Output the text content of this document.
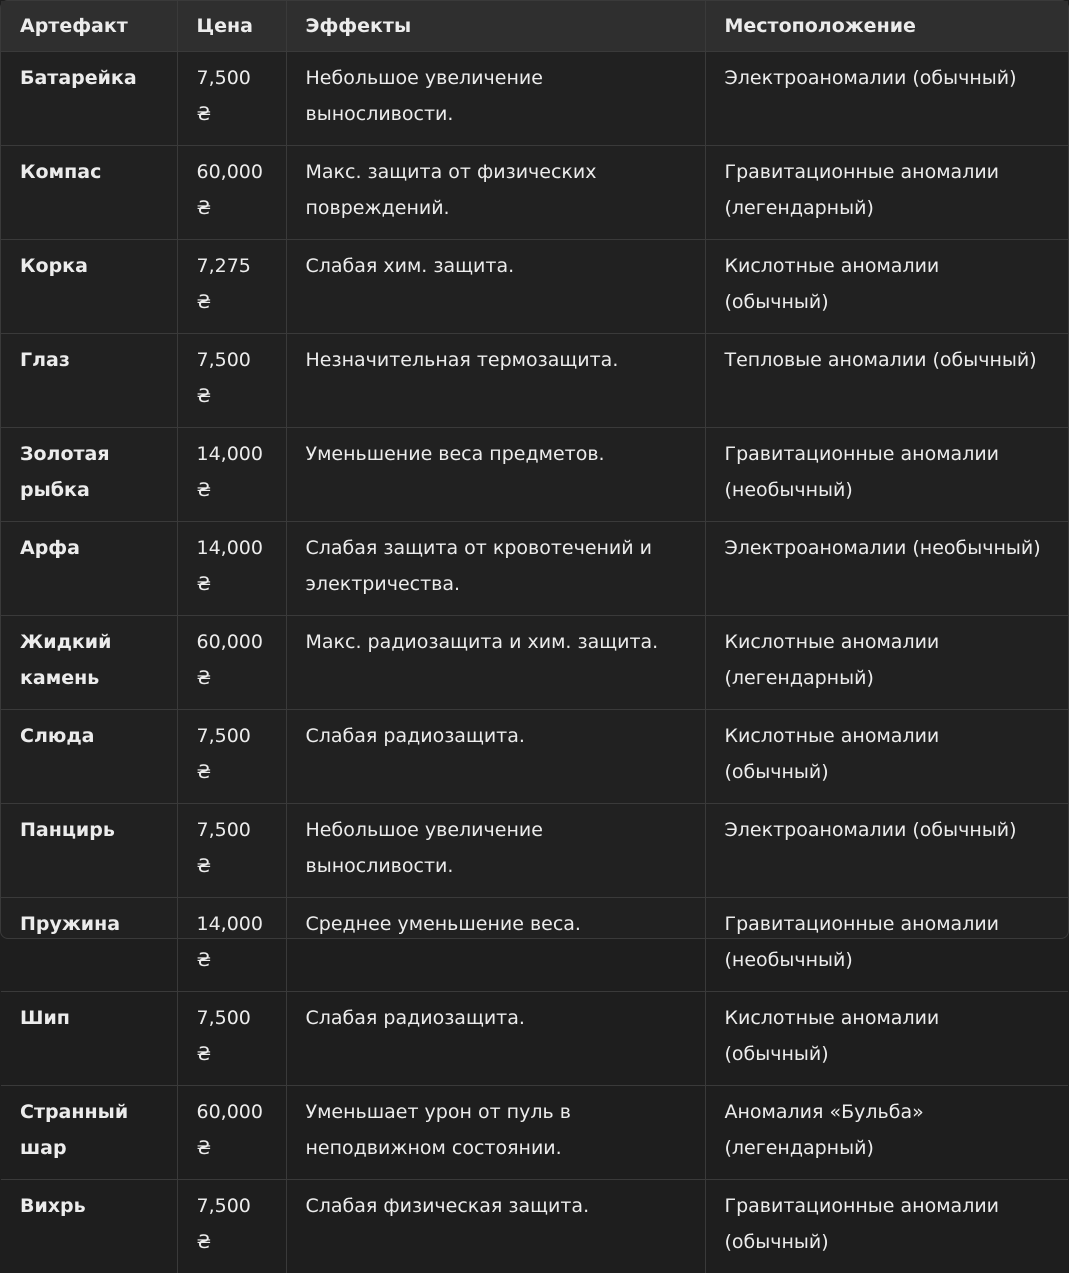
Артефакт	Цена	Эффекты	Местоположение

Батарейка	7,500 ₴	Небольшое увеличение выносливости.	Электроаномалии (обычный)

Компас	60,000 ₴	Макс. защита от физических повреждений.	Гравитационные аномалии (легендарный)

Корка	7,275 ₴	Слабая хим. защита.	Кислотные аномалии (обычный)

Глаз	7,500 ₴	Незначительная термозащита.	Тепловые аномалии (обычный)

Золотая рыбка	14,000 ₴	Уменьшение веса предметов.	Гравитационные аномалии (необычный)

Арфа	14,000 ₴	Слабая защита от кровотечений и электричества.	Электроаномалии (необычный)

Жидкий камень	60,000 ₴	Макс. радиозащита и хим. защита.	Кислотные аномалии (легендарный)

Слюда	7,500 ₴	Слабая радиозащита.	Кислотные аномалии (обычный)

Панцирь	7,500 ₴	Небольшое увеличение выносливости.	Электроаномалии (обычный)

Пружина	14,000 ₴	Среднее уменьшение веса.	Гравитационные аномалии (необычный)

Шип	7,500 ₴	Слабая радиозащита.	Кислотные аномалии (обычный)

Странный шар	60,000 ₴	Уменьшает урон от пуль в неподвижном состоянии.	Аномалия «Бульба» (легендарный)

Вихрь	7,500 ₴	Слабая физическая защита.	Гравитационные аномалии (обычный)
